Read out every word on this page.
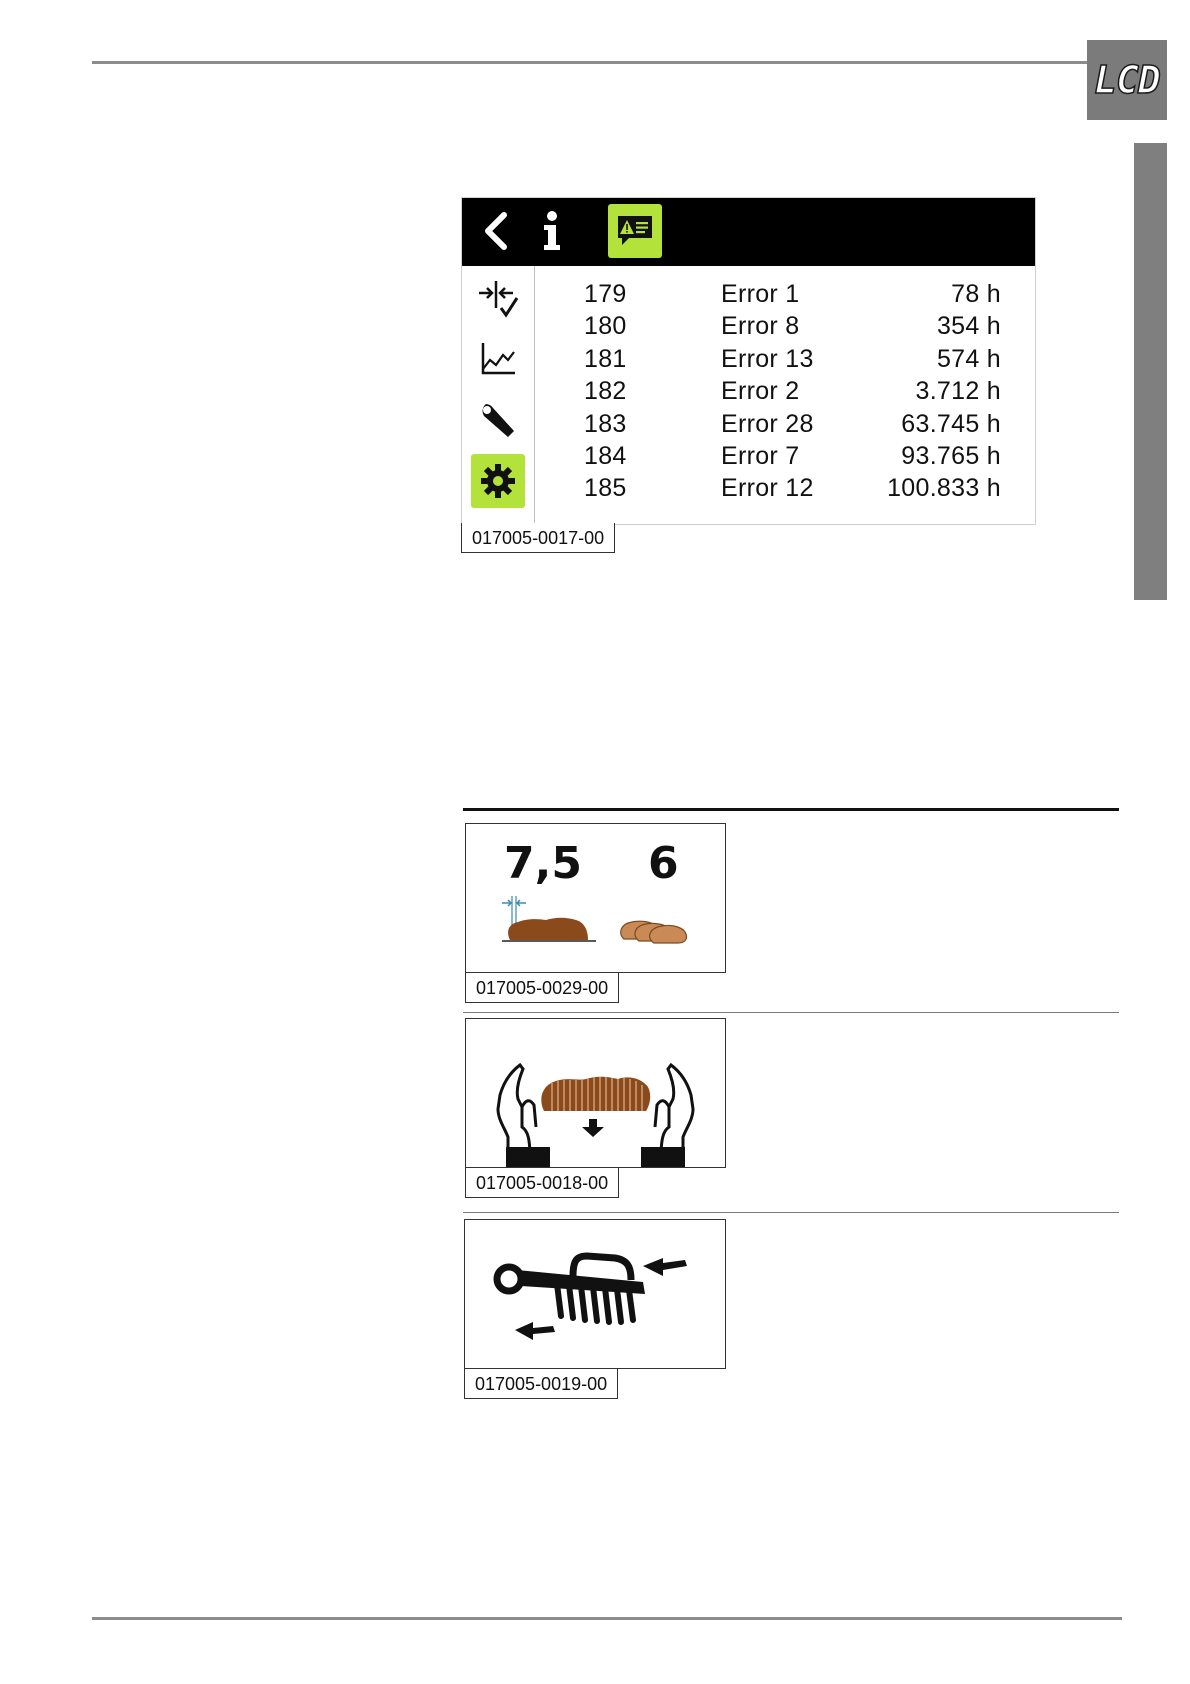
LCD
179	Error 1	78 h
180	Error 8	354 h
181	Error 13	574 h
182	Error 2	3.712 h
183	Error 28	63.745 h
184	Error 7	93.765 h
185	Error 12	100.833 h
017005-0017-00
7,5 6
017005-0029-00
017005-0018-00
017005-0019-00
